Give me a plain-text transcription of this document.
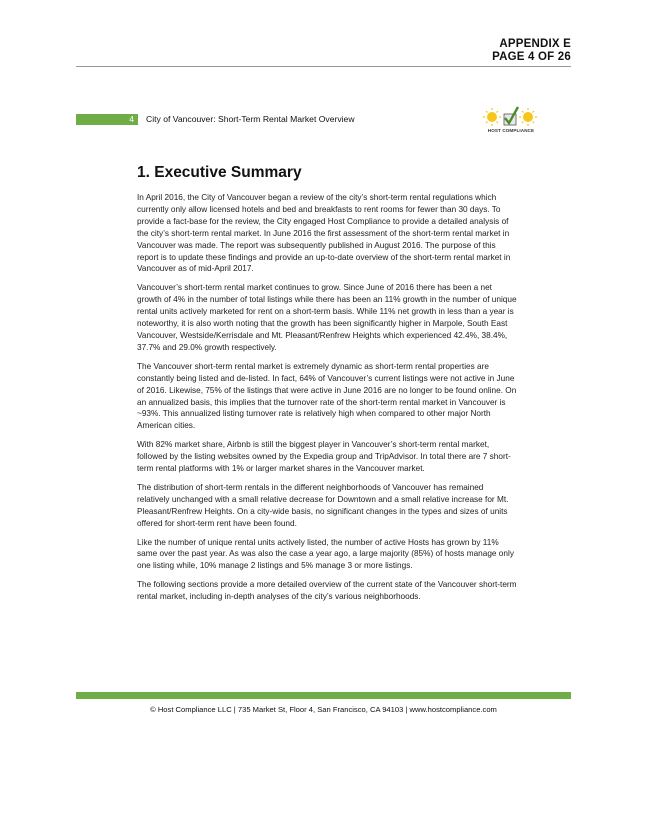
APPENDIX E
PAGE 4 OF 26
4 City of Vancouver: Short-Term Rental Market Overview
HOST COMPLIANCE
1. Executive Summary

In April 2016, the City of Vancouver began a review of the city’s short-term rental regulations which currently only allow licensed hotels and bed and breakfasts to rent rooms for fewer than 30 days. To provide a fact-base for the review, the City engaged Host Compliance to provide a detailed analysis of the city’s short-term rental market. In June 2016 the first assessment of the short-term rental market in Vancouver was made. The report was subsequently published in August 2016. The purpose of this report is to update these findings and provide an up-to-date overview of the short-term rental market in Vancouver as of mid-April 2017.

Vancouver’s short-term rental market continues to grow. Since June of 2016 there has been a net growth of 4% in the number of total listings while there has been an 11% growth in the number of unique rental units actively marketed for rent on a short-term basis. While 11% net growth in less than a year is noteworthy, it is also worth noting that the growth has been significantly higher in Marpole, South East Vancouver, Westside/Kerrisdale and Mt. Pleasant/Renfrew Heights which experienced 42.4%, 38.4%, 37.7% and 29.0% growth respectively.

The Vancouver short-term rental market is extremely dynamic as short-term rental properties are constantly being listed and de-listed. In fact, 64% of Vancouver’s current listings were not active in June of 2016. Likewise, 75% of the listings that were active in June 2016 are no longer to be found online. On an annualized basis, this implies that the turnover rate of the short-term rental market in Vancouver is ~93%. This annualized listing turnover rate is relatively high when compared to other major North American cities.

With 82% market share, Airbnb is still the biggest player in Vancouver’s short-term rental market, followed by the listing websites owned by the Expedia group and TripAdvisor. In total there are 7 short-term rental platforms with 1% or larger market shares in the Vancouver market.

The distribution of short-term rentals in the different neighborhoods of Vancouver has remained relatively unchanged with a small relative decrease for Downtown and a small relative increase for Mt. Pleasant/Renfrew Heights. On a city-wide basis, no significant changes in the types and sizes of units offered for short-term rent have been found.

Like the number of unique rental units actively listed, the number of active Hosts has grown by 11% same over the past year. As was also the case a year ago, a large majority (85%) of hosts manage only one listing while, 10% manage 2 listings and 5% manage 3 or more listings.

The following sections provide a more detailed overview of the current state of the Vancouver short-term rental market, including in-depth analyses of the city’s various neighborhoods.

© Host Compliance LLC | 735 Market St, Floor 4, San Francisco, CA 94103 | www.hostcompliance.com
